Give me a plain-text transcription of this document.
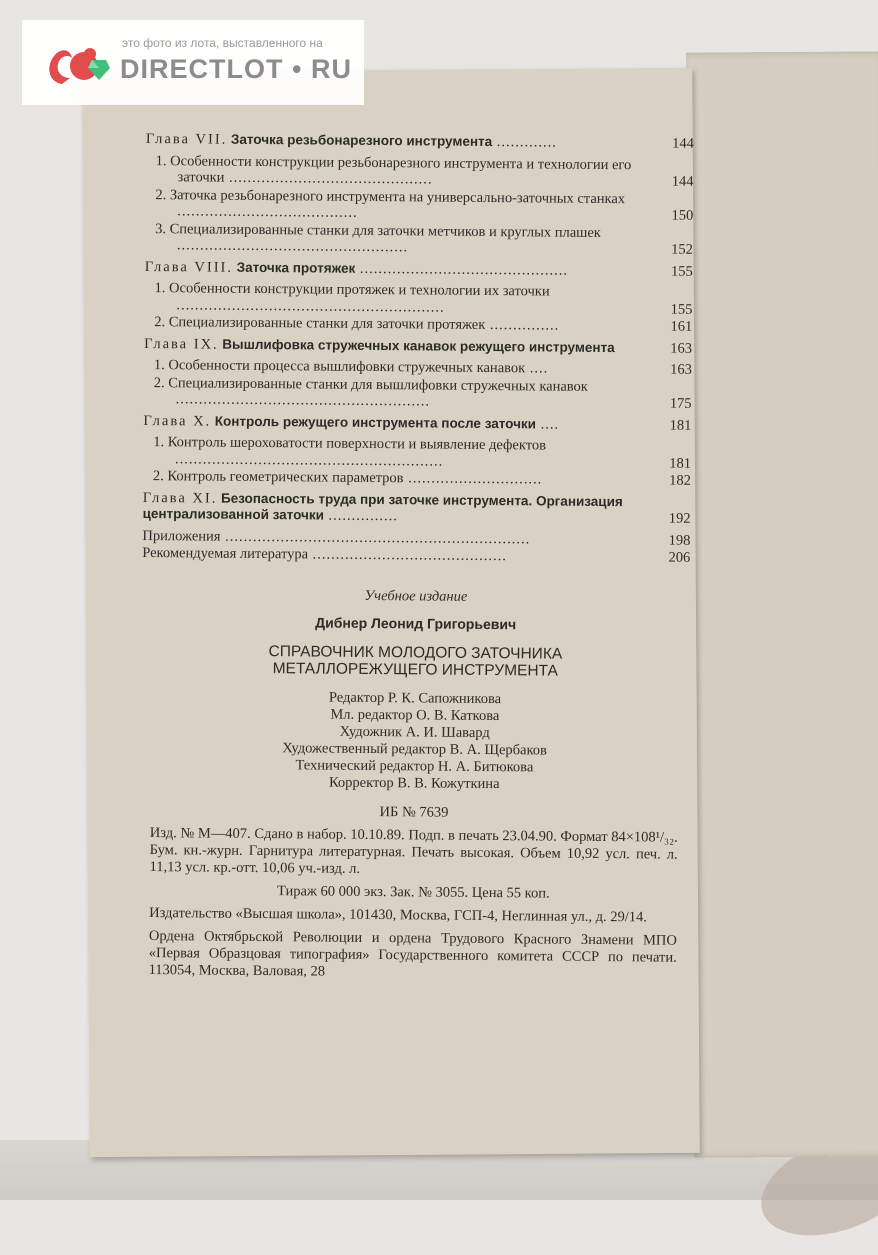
Глава VII. Заточка резьбонарезного инструмента .............	144
1. Особенности конструкции резьбонарезного инструмента и технологии его заточки ............................................	144
2. Заточка резьбонарезного инструмента на универсально-заточных станках .......................................	150
3. Специализированные станки для заточки метчиков и круглых плашек ..................................................	152
Глава VIII. Заточка протяжек .............................................	155
1. Особенности конструкции протяжек и технологии их заточки ..........................................................	155
2. Специализированные станки для заточки протяжек ...............	161
Глава IX. Вышлифовка стружечных канавок режущего инструмента	163
1. Особенности процесса вышлифовки стружечных канавок ....	163
2. Специализированные станки для вышлифовки стружечных канавок .......................................................	175
Глава X. Контроль режущего инструмента после заточки ....	181
1. Контроль шероховатости поверхности и выявление дефектов ..........................................................	181
2. Контроль геометрических параметров .............................	182
Глава XI. Безопасность труда при заточке инструмента. Организация централизованной заточки ...............	192
Приложения ..................................................................	198
Рекомендуемая литература ..........................................	206
Учебное издание
Дибнер Леонид Григорьевич
СПРАВОЧНИК МОЛОДОГО ЗАТОЧНИКА
МЕТАЛЛОРЕЖУЩЕГО ИНСТРУМЕНТА
Редактор Р. К. Сапожникова
Мл. редактор О. В. Каткова
Художник А. И. Шавард
Художественный редактор В. А. Щербаков
Технический редактор Н. А. Битюкова
Корректор В. В. Кожуткина
ИБ № 7639
Изд. № М—407. Сдано в набор. 10.10.89. Подп. в печать 23.04.90. Формат 84×108¹/₃₂. Бум. кн.-журн. Гарнитура литературная. Печать высокая. Объем 10,92 усл. печ. л. 11,13 усл. кр.-отт. 10,06 уч.-изд. л.
Тираж 60 000 экз. Зак. № 3055. Цена 55 коп.
Издательство «Высшая школа», 101430, Москва, ГСП-4, Неглинная ул., д. 29/14.
Ордена Октябрьской Революции и ордена Трудового Красного Знамени МПО «Первая Образцовая типография» Государственного комитета СССР по печати. 113054, Москва, Валовая, 28
это фото из лота, выставленного на
DIRECTLOT • RU
